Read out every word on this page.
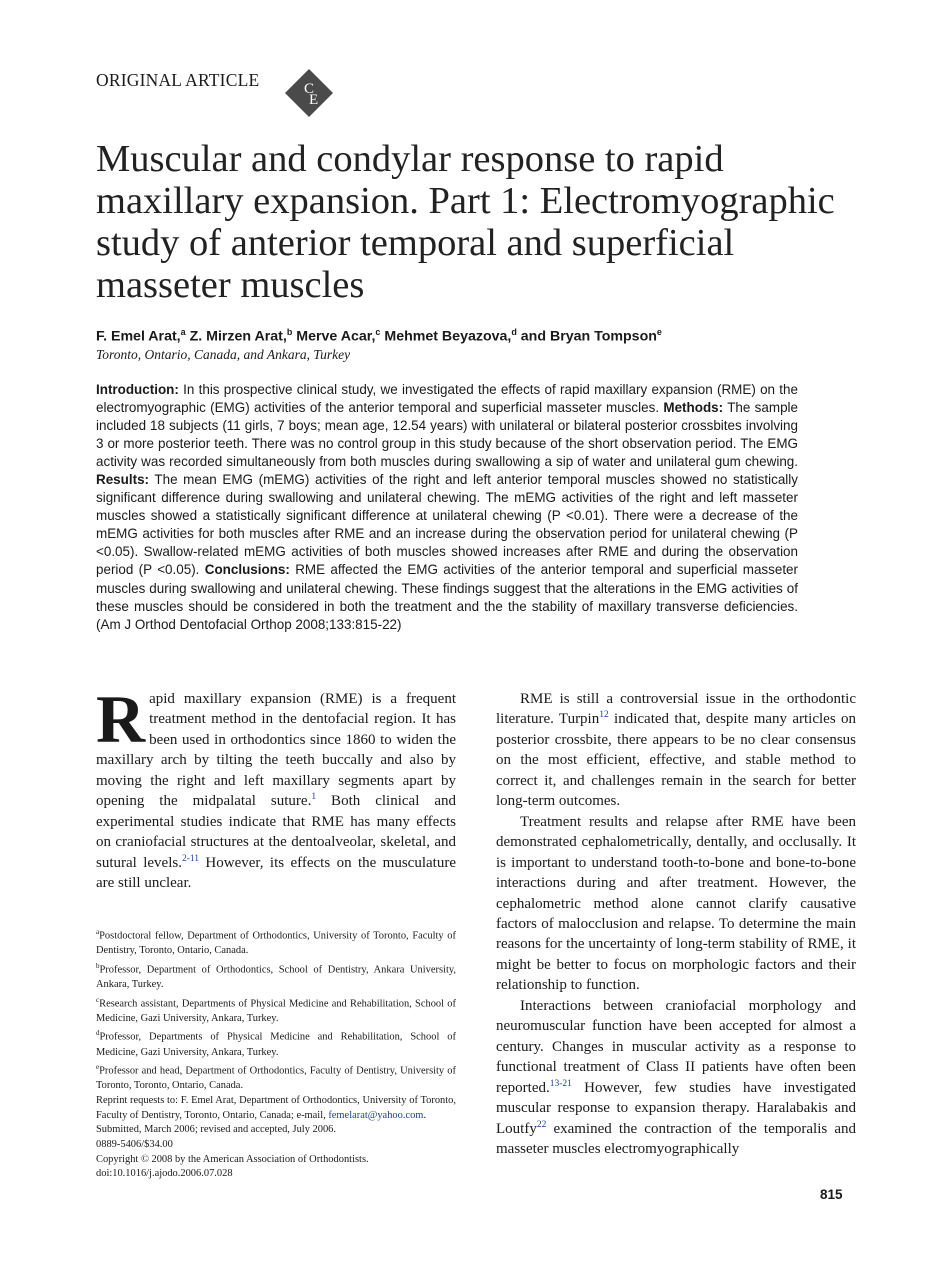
ORIGINAL ARTICLE	C
E
Muscular and condylar response to rapid maxillary expansion. Part 1: Electromyographic study of anterior temporal and superficial masseter muscles
F. Emel Arat,$^a$ Z. Mirzen Arat,$^b$ Merve Acar,$^c$ Mehmet Beyazova,$^d$ and Bryan Tompson$^e$
Toronto, Ontario, Canada, and Ankara, Turkey
Introduction: In this prospective clinical study, we investigated the effects of rapid maxillary expansion (RME) on the electromyographic (EMG) activities of the anterior temporal and superficial masseter muscles. Methods: The sample included 18 subjects (11 girls, 7 boys; mean age, 12.54 years) with unilateral or bilateral posterior crossbites involving 3 or more posterior teeth. There was no control group in this study because of the short observation period. The EMG activity was recorded simultaneously from both muscles during swallowing a sip of water and unilateral gum chewing. Results: The mean EMG (mEMG) activities of the right and left anterior temporal muscles showed no statistically significant difference during swallowing and unilateral chewing. The mEMG activities of the right and left masseter muscles showed a statistically significant difference at unilateral chewing (P <0.01). There were a decrease of the mEMG activities for both muscles after RME and an increase during the observation period for unilateral chewing (P <0.05). Swallow-related mEMG activities of both muscles showed increases after RME and during the observation period (P <0.05). Conclusions: RME affected the EMG activities of the anterior temporal and superficial masseter muscles during swallowing and unilateral chewing. These findings suggest that the alterations in the EMG activities of these muscles should be considered in both the treatment and the the stability of maxillary transverse deficiencies. (Am J Orthod Dentofacial Orthop 2008;133:815-22)

Rapid maxillary expansion (RME) is a frequent treatment method in the dentofacial region. It has been used in orthodontics since 1860 to widen the maxillary arch by tilting the teeth buccally and also by moving the right and left maxillary segments apart by opening the midpalatal suture.$^1$ Both clinical and experimental studies indicate that RME has many effects on craniofacial structures at the dentoalveolar, skeletal, and sutural levels.$^{2-11}$ However, its effects on the musculature are still unclear.

$^a$Postdoctoral fellow, Department of Orthodontics, University of Toronto, Faculty of Dentistry, Toronto, Ontario, Canada.
$^b$Professor, Department of Orthodontics, School of Dentistry, Ankara University, Ankara, Turkey.
$^c$Research assistant, Departments of Physical Medicine and Rehabilitation, School of Medicine, Gazi University, Ankara, Turkey.
$^d$Professor, Departments of Physical Medicine and Rehabilitation, School of Medicine, Gazi University, Ankara, Turkey.
$^e$Professor and head, Department of Orthodontics, Faculty of Dentistry, University of Toronto, Toronto, Ontario, Canada.
Reprint requests to: F. Emel Arat, Department of Orthodontics, University of Toronto, Faculty of Dentistry, Toronto, Ontario, Canada; e-mail, femelarat@yahoo.com.
Submitted, March 2006; revised and accepted, July 2006.
0889-5406/$34.00
Copyright © 2008 by the American Association of Orthodontists.
doi:10.1016/j.ajodo.2006.07.028

RME is still a controversial issue in the orthodontic literature. Turpin$^{12}$ indicated that, despite many articles on posterior crossbite, there appears to be no clear consensus on the most efficient, effective, and stable method to correct it, and challenges remain in the search for better long-term outcomes.

Treatment results and relapse after RME have been demonstrated cephalometrically, dentally, and occlusally. It is important to understand tooth-to-bone and bone-to-bone interactions during and after treatment. However, the cephalometric method alone cannot clarify causative factors of malocclusion and relapse. To determine the main reasons for the uncertainty of long-term stability of RME, it might be better to focus on morphologic factors and their relationship to function.

Interactions between craniofacial morphology and neuromuscular function have been accepted for almost a century. Changes in muscular activity as a response to functional treatment of Class II patients have often been reported.$^{13-21}$ However, few studies have investigated muscular response to expansion therapy. Haralabakis and Loutfy$^{22}$ examined the contraction of the temporalis and masseter muscles electromyographically

815
